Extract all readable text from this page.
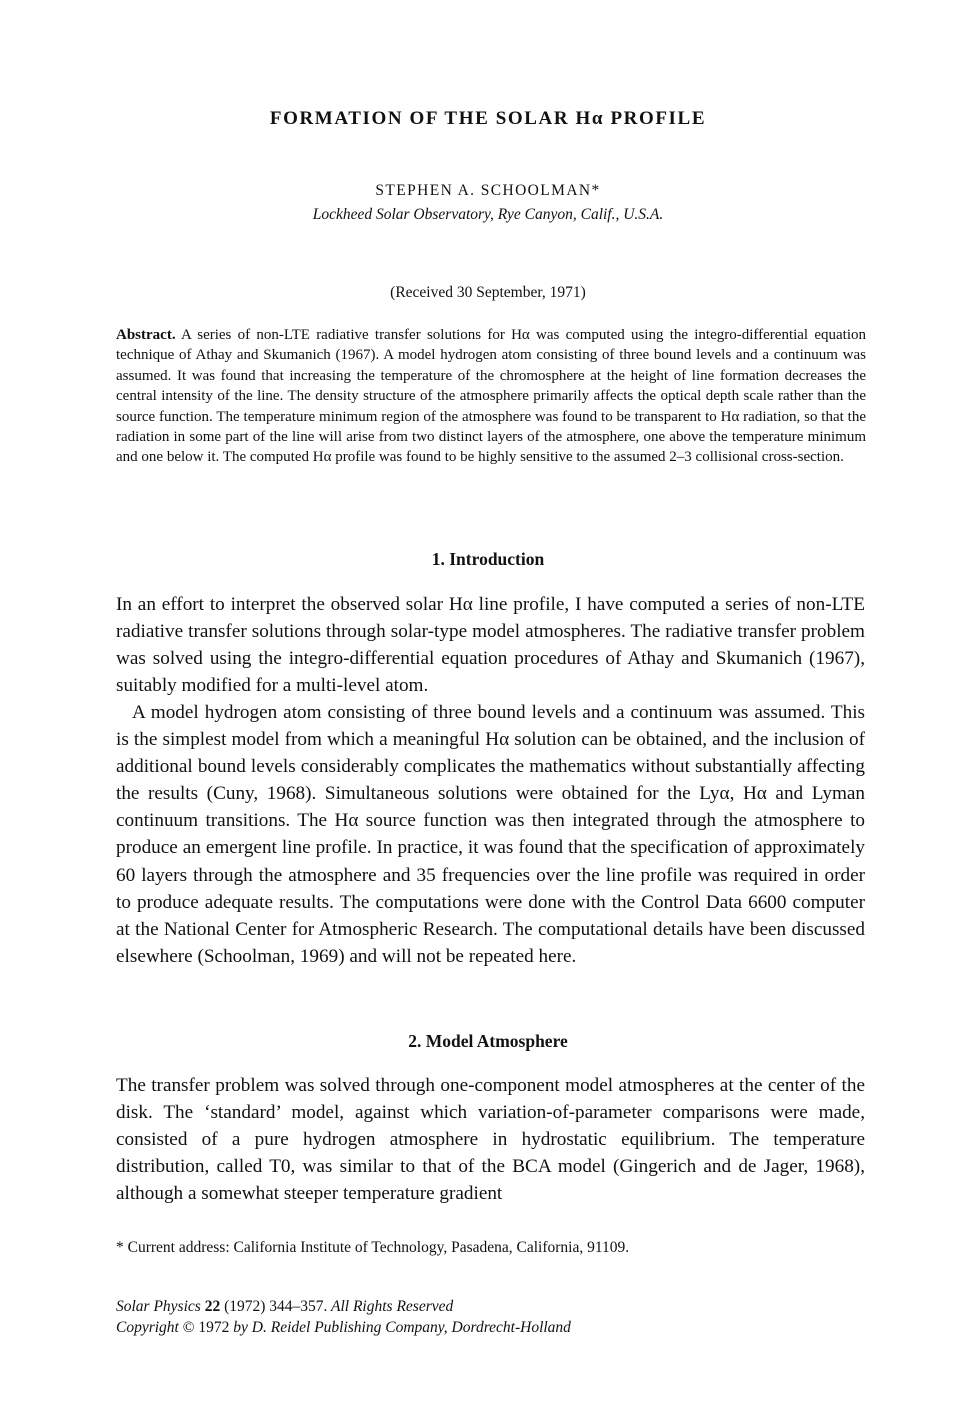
FORMATION OF THE SOLAR Hα PROFILE

STEPHEN A. SCHOOLMAN*

Lockheed Solar Observatory, Rye Canyon, Calif., U.S.A.

(Received 30 September, 1971)

Abstract. A series of non-LTE radiative transfer solutions for Hα was computed using the integro-differential equation technique of Athay and Skumanich (1967). A model hydrogen atom consisting of three bound levels and a continuum was assumed. It was found that increasing the temperature of the chromosphere at the height of line formation decreases the central intensity of the line. The density structure of the atmosphere primarily affects the optical depth scale rather than the source function. The temperature minimum region of the atmosphere was found to be transparent to Hα radiation, so that the radiation in some part of the line will arise from two distinct layers of the atmosphere, one above the temperature minimum and one below it. The computed Hα profile was found to be highly sensitive to the assumed 2–3 collisional cross-section.

1. Introduction

In an effort to interpret the observed solar Hα line profile, I have computed a series of non-LTE radiative transfer solutions through solar-type model atmospheres. The radiative transfer problem was solved using the integro-differential equation procedures of Athay and Skumanich (1967), suitably modified for a multi-level atom.

A model hydrogen atom consisting of three bound levels and a continuum was assumed. This is the simplest model from which a meaningful Hα solution can be obtained, and the inclusion of additional bound levels considerably complicates the mathematics without substantially affecting the results (Cuny, 1968). Simultaneous solutions were obtained for the Lyα, Hα and Lyman continuum transitions. The Hα source function was then integrated through the atmosphere to produce an emergent line profile. In practice, it was found that the specification of approximately 60 layers through the atmosphere and 35 frequencies over the line profile was required in order to produce adequate results. The computations were done with the Control Data 6600 computer at the National Center for Atmospheric Research. The computational details have been discussed elsewhere (Schoolman, 1969) and will not be repeated here.

2. Model Atmosphere

The transfer problem was solved through one-component model atmospheres at the center of the disk. The ‘standard’ model, against which variation-of-parameter comparisons were made, consisted of a pure hydrogen atmosphere in hydrostatic equilibrium. The temperature distribution, called T0, was similar to that of the BCA model (Gingerich and de Jager, 1968), although a somewhat steeper temperature gradient

* Current address: California Institute of Technology, Pasadena, California, 91109.

Solar Physics 22 (1972) 344–357. All Rights Reserved
Copyright © 1972 by D. Reidel Publishing Company, Dordrecht-Holland
